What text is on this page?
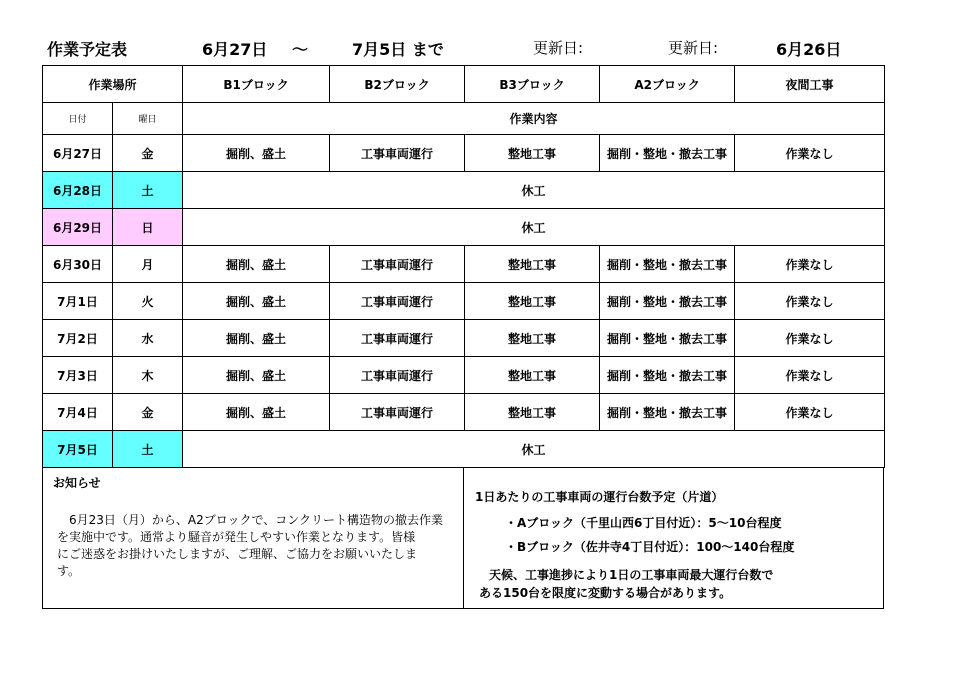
作業予定表	6月27日 ～	7月5日 まで	更新日:	更新日:	6月26日
作業場所		B1ブロック	B2ブロック	B3ブロック	A2ブロック	夜間工事
日付	曜日	作業内容				
6月27日	金	掘削、盛土	工事車両運行	整地工事	掘削・整地・撤去工事	作業なし
6月28日	土	休工				
6月29日	日	休工				
6月30日	月	掘削、盛土	工事車両運行	整地工事	掘削・整地・撤去工事	作業なし
7月1日	火	掘削、盛土	工事車両運行	整地工事	掘削・整地・撤去工事	作業なし
7月2日	水	掘削、盛土	工事車両運行	整地工事	掘削・整地・撤去工事	作業なし
7月3日	木	掘削、盛土	工事車両運行	整地工事	掘削・整地・撤去工事	作業なし
7月4日	金	掘削、盛土	工事車両運行	整地工事	掘削・整地・撤去工事	作業なし
7月5日	土	休工				
お知らせ
　6月23日（月）から、A2ブロックで、コンクリート構造物の撤去作業
を実施中です。通常より騒音が発生しやすい作業となります。皆様
にご迷惑をお掛けいたしますが、ご理解、ご協力をお願いいたしま
す。
1日あたりの工事車両の運行台数予定（片道）
・Aブロック（千里山西6丁目付近）：5～10台程度
・Bブロック（佐井寺4丁目付近）：100～140台程度
天候、工事進捗により1日の工事車両最大運行台数で
ある150台を限度に変動する場合があります。
